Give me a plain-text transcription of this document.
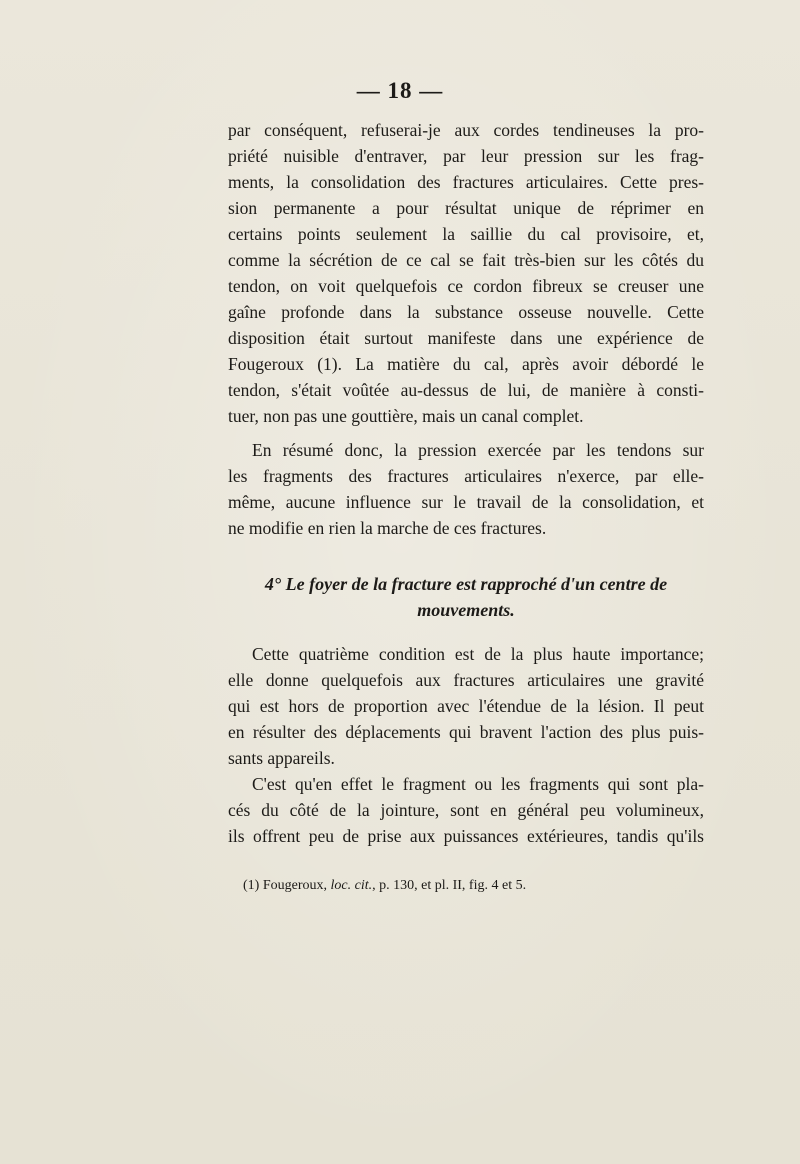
— 18 —
par conséquent, refuserai-je aux cordes tendineuses la pro-
priété nuisible d'entraver, par leur pression sur les frag-
ments, la consolidation des fractures articulaires. Cette pres-
sion permanente a pour résultat unique de réprimer en
certains points seulement la saillie du cal provisoire, et,
comme la sécrétion de ce cal se fait très-bien sur les côtés du
tendon, on voit quelquefois ce cordon fibreux se creuser une
gaîne profonde dans la substance osseuse nouvelle. Cette
disposition était surtout manifeste dans une expérience de
Fougeroux (1). La matière du cal, après avoir débordé le
tendon, s'était voûtée au-dessus de lui, de manière à consti-
tuer, non pas une gouttière, mais un canal complet.
En résumé donc, la pression exercée par les tendons sur
les fragments des fractures articulaires n'exerce, par elle-
même, aucune influence sur le travail de la consolidation, et
ne modifie en rien la marche de ces fractures.
4° Le foyer de la fracture est rapproché d'un centre de
mouvements.
Cette quatrième condition est de la plus haute importance;
elle donne quelquefois aux fractures articulaires une gravité
qui est hors de proportion avec l'étendue de la lésion. Il peut
en résulter des déplacements qui bravent l'action des plus puis-
sants appareils.
C'est qu'en effet le fragment ou les fragments qui sont pla-
cés du côté de la jointure, sont en général peu volumineux,
ils offrent peu de prise aux puissances extérieures, tandis qu'ils
(1) Fougeroux, loc. cit., p. 130, et pl. II, fig. 4 et 5.
